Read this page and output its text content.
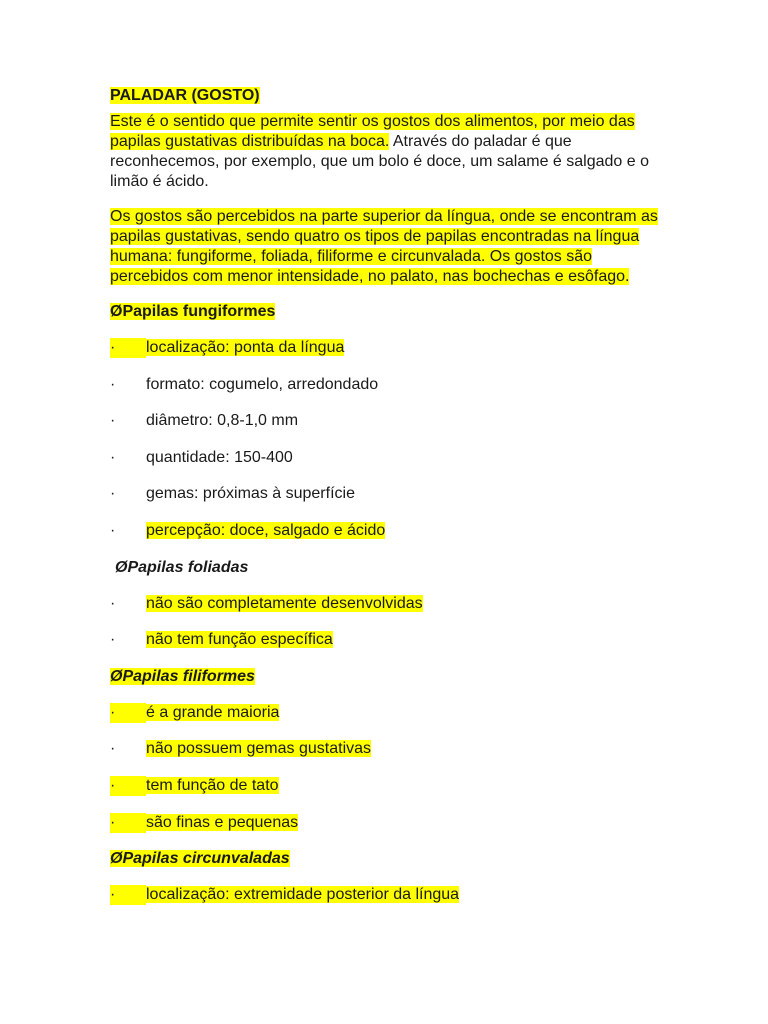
PALADAR (GOSTO)
Este é o sentido que permite sentir os gostos dos alimentos, por meio das papilas gustativas distribuídas na boca. Através do paladar é que reconhecemos, por exemplo, que um bolo é doce, um salame é salgado e o limão é ácido.
Os gostos são percebidos na parte superior da língua, onde se encontram as papilas gustativas, sendo quatro os tipos de papilas encontradas na língua humana: fungiforme, foliada, filiforme e circunvalada. Os gostos são percebidos com menor intensidade, no palato, nas bochechas e esôfago.
ØPapilas fungiformes
· localização: ponta da língua
· formato: cogumelo, arredondado
· diâmetro: 0,8-1,0 mm
· quantidade: 150-400
· gemas: próximas à superfície
· percepção: doce, salgado e ácido
ØPapilas foliadas
· não são completamente desenvolvidas
· não tem função específica
ØPapilas filiformes
· é a grande maioria
· não possuem gemas gustativas
· tem função de tato
· são finas e pequenas
ØPapilas circunvaladas
· localização: extremidade posterior da língua
